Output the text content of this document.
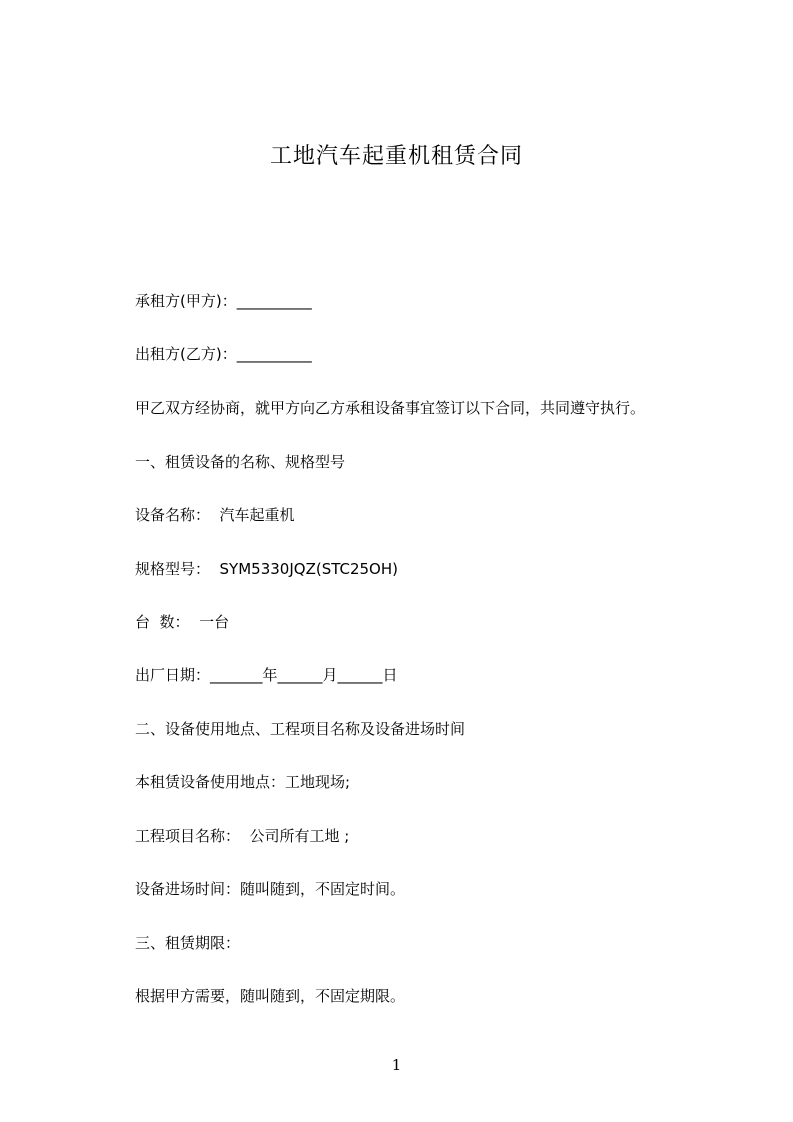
工地汽车起重机租赁合同
承租方(甲方)：__________
出租方(乙方)：__________
甲乙双方经协商，就甲方向乙方承租设备事宜签订以下合同，共同遵守执行。
一、租赁设备的名称、规格型号
设备名称：  汽车起重机
规格型号：  SYM5330JQZ(STC25OH)
台  数：  一台
出厂日期：_______年______月______日
二、设备使用地点、工程项目名称及设备进场时间
本租赁设备使用地点：工地现场;
工程项目名称：  公司所有工地 ;
设备进场时间：随叫随到，不固定时间。
三、租赁期限：
根据甲方需要，随叫随到，不固定期限。
1
